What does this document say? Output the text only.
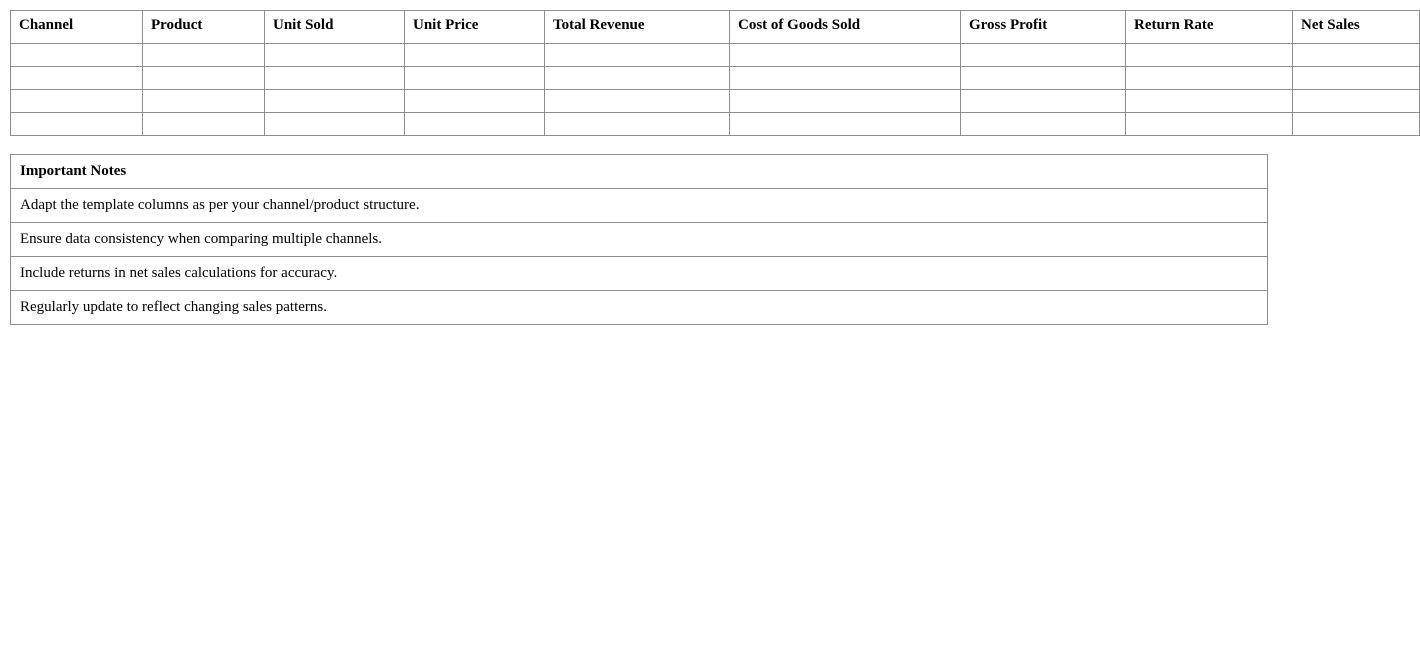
Channel	Product	Unit Sold	Unit Price	Total Revenue	Cost of Goods Sold	Gross Profit	Return Rate	Net Sales

Important Notes
Adapt the template columns as per your channel/product structure.
Ensure data consistency when comparing multiple channels.
Include returns in net sales calculations for accuracy.
Regularly update to reflect changing sales patterns.
